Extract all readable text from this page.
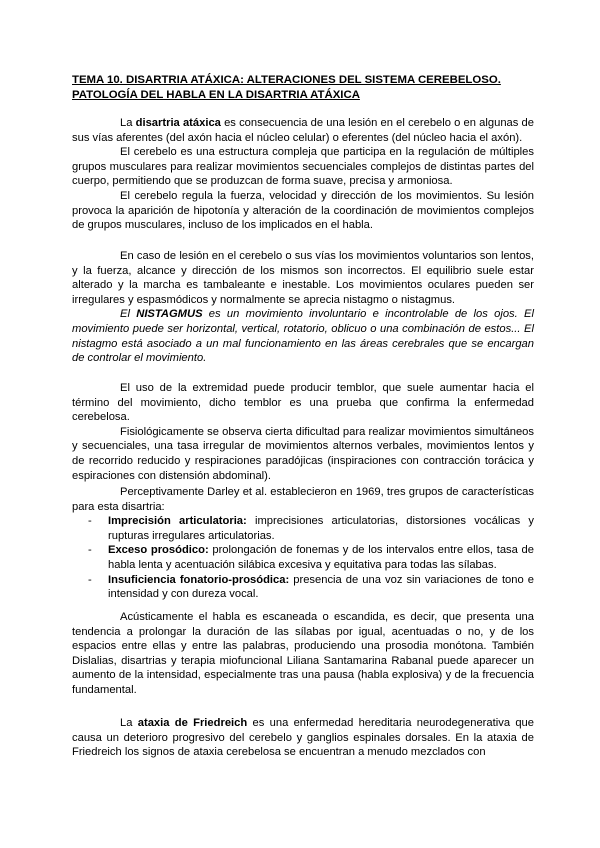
TEMA 10. DISARTRIA ATÁXICA: ALTERACIONES DEL SISTEMA CEREBELOSO.
PATOLOGÍA DEL HABLA EN LA DISARTRIA ATÁXICA

La disartria atáxica es consecuencia de una lesión en el cerebelo o en algunas de sus vías aferentes (del axón hacia el núcleo celular) o eferentes (del núcleo hacia el axón).

El cerebelo es una estructura compleja que participa en la regulación de múltiples grupos musculares para realizar movimientos secuenciales complejos de distintas partes del cuerpo, permitiendo que se produzcan de forma suave, precisa y armoniosa.

El cerebelo regula la fuerza, velocidad y dirección de los movimientos. Su lesión provoca la aparición de hipotonía y alteración de la coordinación de movimientos complejos de grupos musculares, incluso de los implicados en el habla.

En caso de lesión en el cerebelo o sus vías los movimientos voluntarios son lentos, y la fuerza, alcance y dirección de los mismos son incorrectos. El equilibrio suele estar alterado y la marcha es tambaleante e inestable. Los movimientos oculares pueden ser irregulares y espasmódicos y normalmente se aprecia nistagmo o nistagmus.

El NISTAGMUS es un movimiento involuntario e incontrolable de los ojos. El movimiento puede ser horizontal, vertical, rotatorio, oblicuo o una combinación de estos... El nistagmo está asociado a un mal funcionamiento en las áreas cerebrales que se encargan de controlar el movimiento.

El uso de la extremidad puede producir temblor, que suele aumentar hacia el término del movimiento, dicho temblor es una prueba que confirma la enfermedad cerebelosa.

Fisiológicamente se observa cierta dificultad para realizar movimientos simultáneos y secuenciales, una tasa irregular de movimientos alternos verbales, movimientos lentos y de recorrido reducido y respiraciones paradójicas (inspiraciones con contracción torácica y espiraciones con distensión abdominal).

Perceptivamente Darley et al. establecieron en 1969, tres grupos de características para esta disartria:

- Imprecisión articulatoria: imprecisiones articulatorias, distorsiones vocálicas y rupturas irregulares articulatorias.
- Exceso prosódico: prolongación de fonemas y de los intervalos entre ellos, tasa de habla lenta y acentuación silábica excesiva y equitativa para todas las sílabas.
- Insuficiencia fonatorio-prosódica: presencia de una voz sin variaciones de tono e intensidad y con dureza vocal.

Acústicamente el habla es escaneada o escandida, es decir, que presenta una tendencia a prolongar la duración de las sílabas por igual, acentuadas o no, y de los espacios entre ellas y entre las palabras, produciendo una prosodia monótona. También Dislalias, disartrias y terapia miofuncional Liliana Santamarina Rabanal puede aparecer un aumento de la intensidad, especialmente tras una pausa (habla explosiva) y de la frecuencia fundamental.

La ataxia de Friedreich es una enfermedad hereditaria neurodegenerativa que causa un deterioro progresivo del cerebelo y ganglios espinales dorsales. En la ataxia de Friedreich los signos de ataxia cerebelosa se encuentran a menudo mezclados con
